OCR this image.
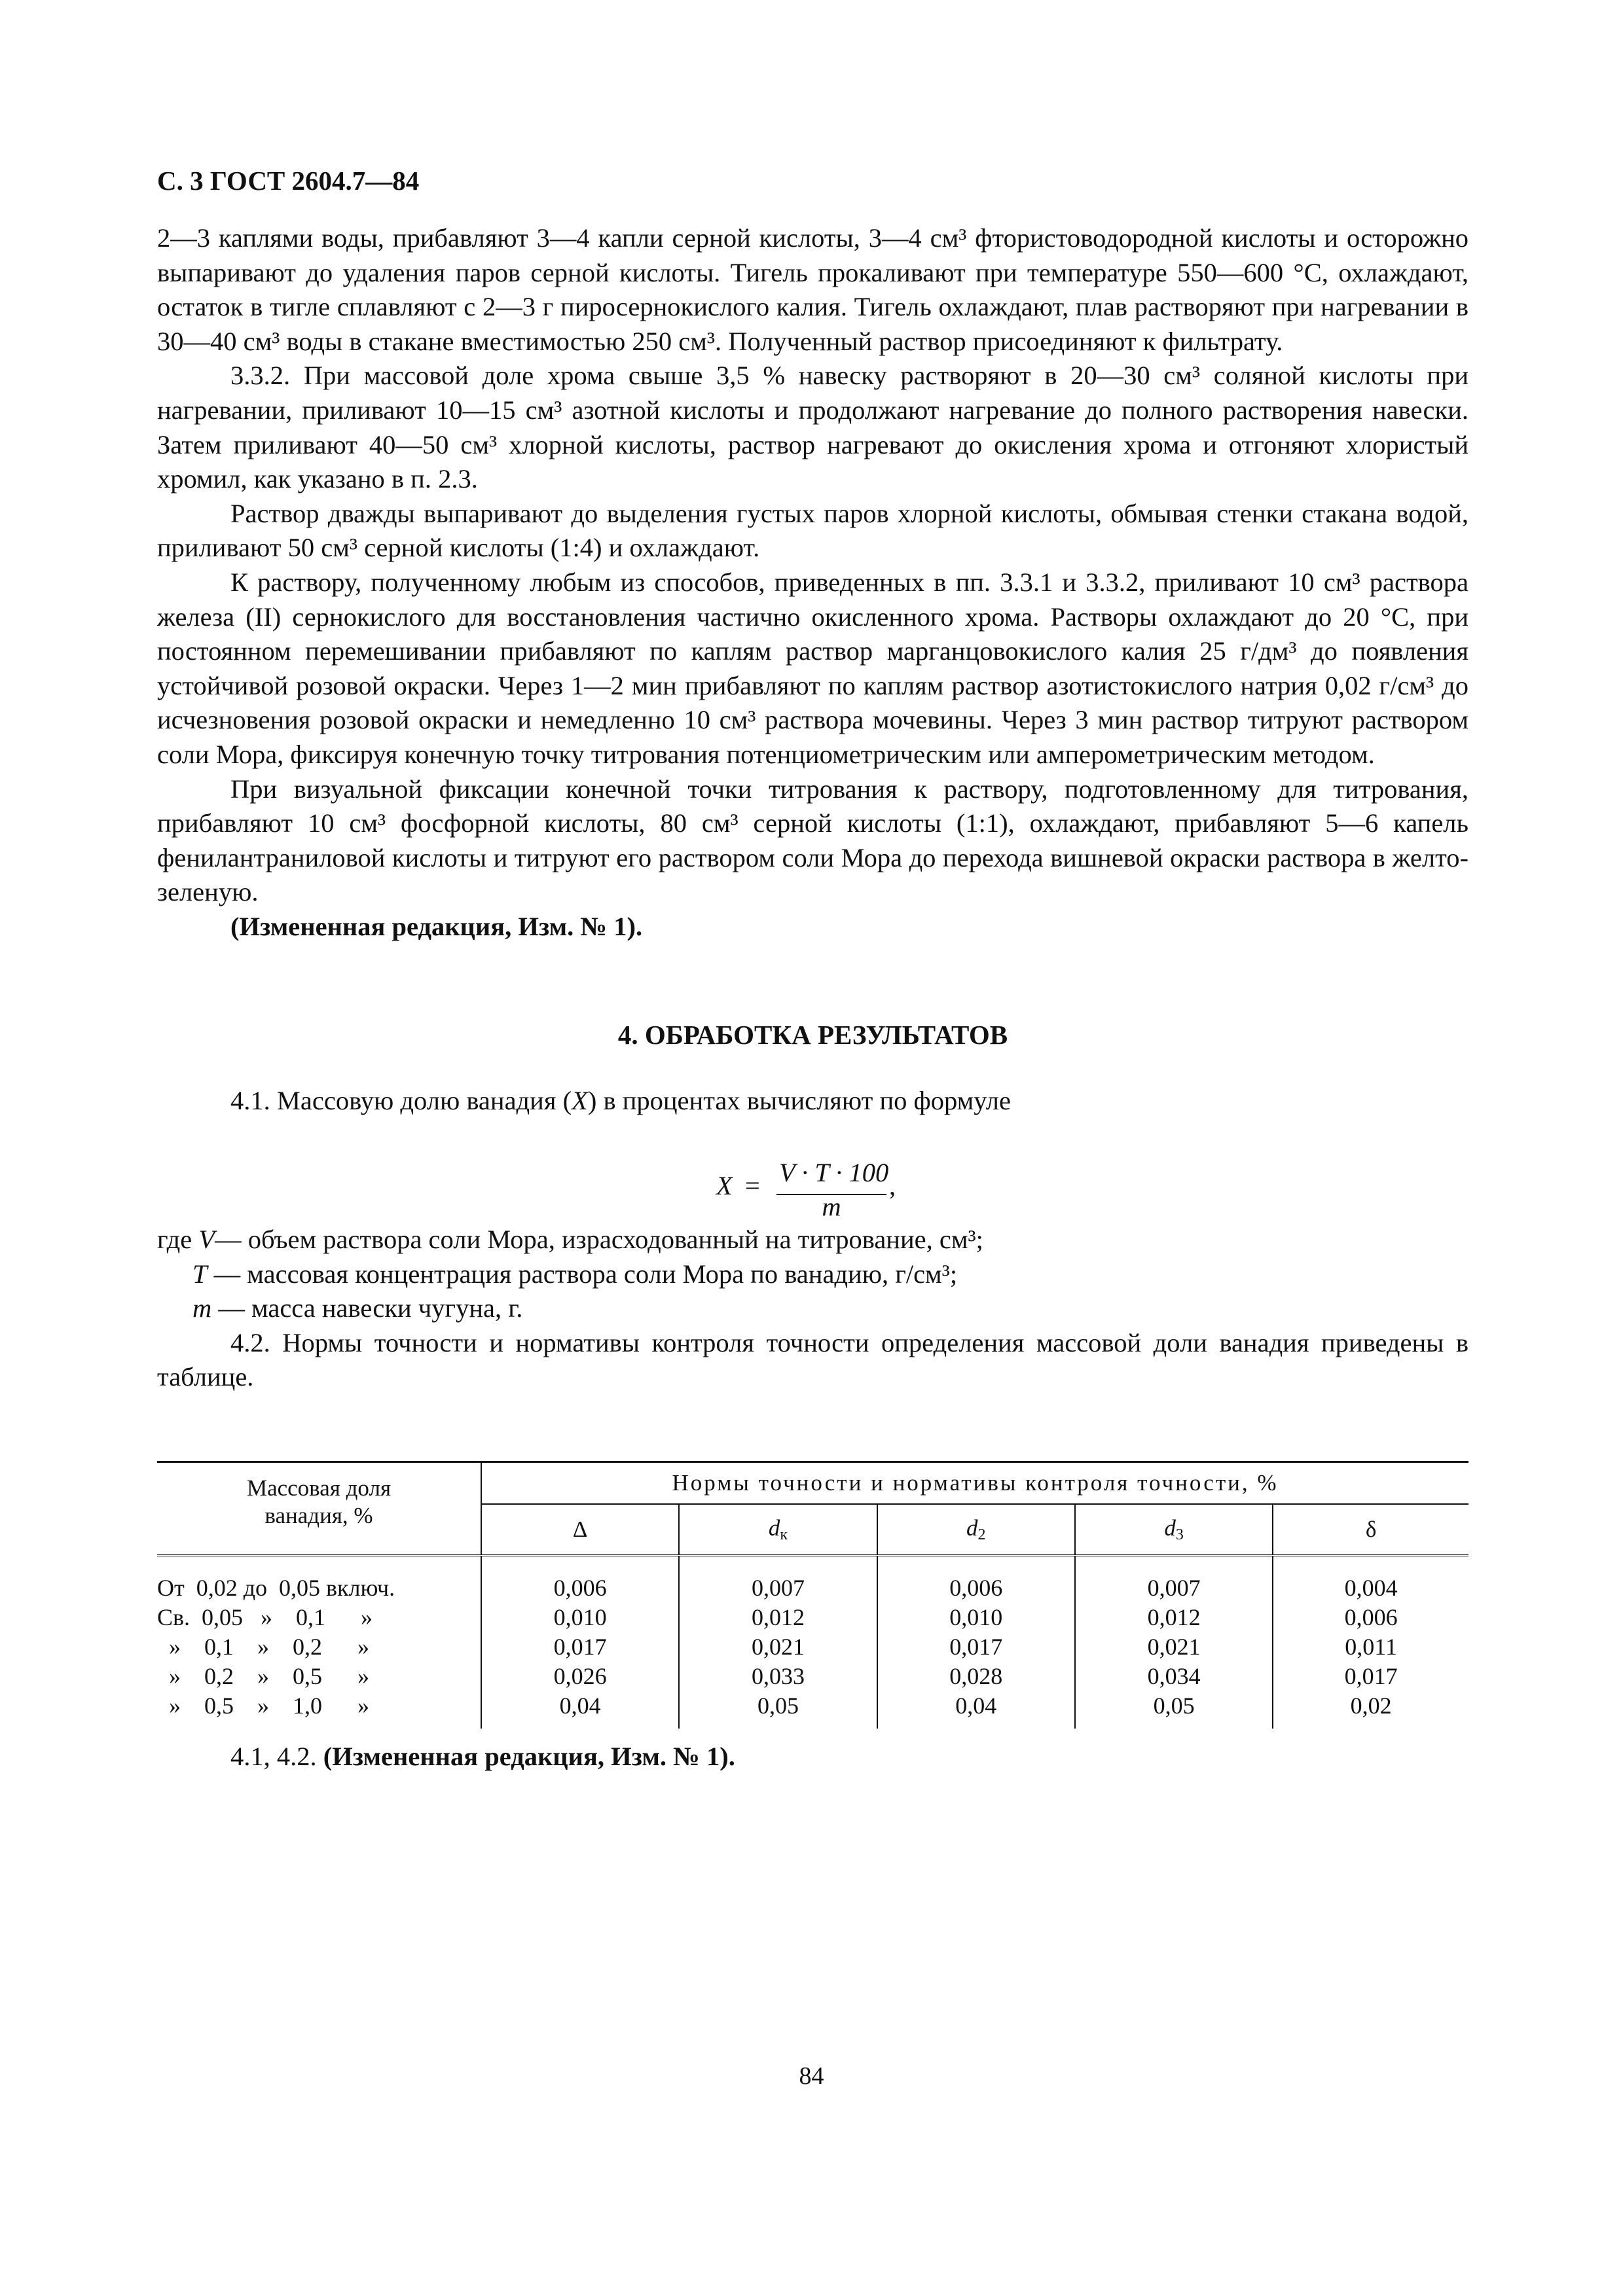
С. 3 ГОСТ 2604.7—84

2—3 каплями воды, прибавляют 3—4 капли серной кислоты, 3—4 см³ фтористоводородной кислоты и осторожно выпаривают до удаления паров серной кислоты. Тигель прокаливают при температуре 550—600 °С, охлаждают, остаток в тигле сплавляют с 2—3 г пиросернокислого калия. Тигель охлаждают, плав растворяют при нагревании в 30—40 см³ воды в стакане вместимостью 250 см³. Полученный раствор присоединяют к фильтрату.

3.3.2. При массовой доле хрома свыше 3,5 % навеску растворяют в 20—30 см³ соляной кислоты при нагревании, приливают 10—15 см³ азотной кислоты и продолжают нагревание до полного растворения навески. Затем приливают 40—50 см³ хлорной кислоты, раствор нагревают до окисления хрома и отгоняют хлористый хромил, как указано в п. 2.3.

Раствор дважды выпаривают до выделения густых паров хлорной кислоты, обмывая стенки стакана водой, приливают 50 см³ серной кислоты (1:4) и охлаждают.

К раствору, полученному любым из способов, приведенных в пп. 3.3.1 и 3.3.2, приливают 10 см³ раствора железа (II) сернокислого для восстановления частично окисленного хрома. Растворы охлаждают до 20 °С, при постоянном перемешивании прибавляют по каплям раствор марганцовокислого калия 25 г/дм³ до появления устойчивой розовой окраски. Через 1—2 мин прибавляют по каплям раствор азотистокислого натрия 0,02 г/см³ до исчезновения розовой окраски и немедленно 10 см³ раствора мочевины. Через 3 мин раствор титруют раствором соли Мора, фиксируя конечную точку титрования потенциометрическим или амперометрическим методом.

При визуальной фиксации конечной точки титрования к раствору, подготовленному для титрования, прибавляют 10 см³ фосфорной кислоты, 80 см³ серной кислоты (1:1), охлаждают, прибавляют 5—6 капель фенилантраниловой кислоты и титруют его раствором соли Мора до перехода вишневой окраски раствора в желто-зеленую.

(Измененная редакция, Изм. № 1).

4. ОБРАБОТКА РЕЗУЛЬТАТОВ

4.1. Массовую долю ванадия (X) в процентах вычисляют по формуле

X = V · T · 100
m
,
где V— объем раствора соли Мора, израсходованный на титрование, см³;
T — массовая концентрация раствора соли Мора по ванадию, г/см³;
m — масса навески чугуна, г.
4.2. Нормы точности и нормативы контроля точности определения массовой доли ванадия приведены в таблице.
Массовая доля
ванадия, %	Нормы точности и нормативы контроля точности, %				
	Δ	dк	d2	d3	δ
От  0,02 до  0,05 включ.	0,006	0,007	0,006	0,007	0,004
Св.  0,05   »    0,1      »	0,010	0,012	0,010	0,012	0,006
»    0,1    »    0,2      »	0,017	0,021	0,017	0,021	0,011
»    0,2    »    0,5      »	0,026	0,033	0,028	0,034	0,017
»    0,5    »    1,0      »	0,04	0,05	0,04	0,05	0,02

4.1, 4.2. (Измененная редакция, Изм. № 1).

84
